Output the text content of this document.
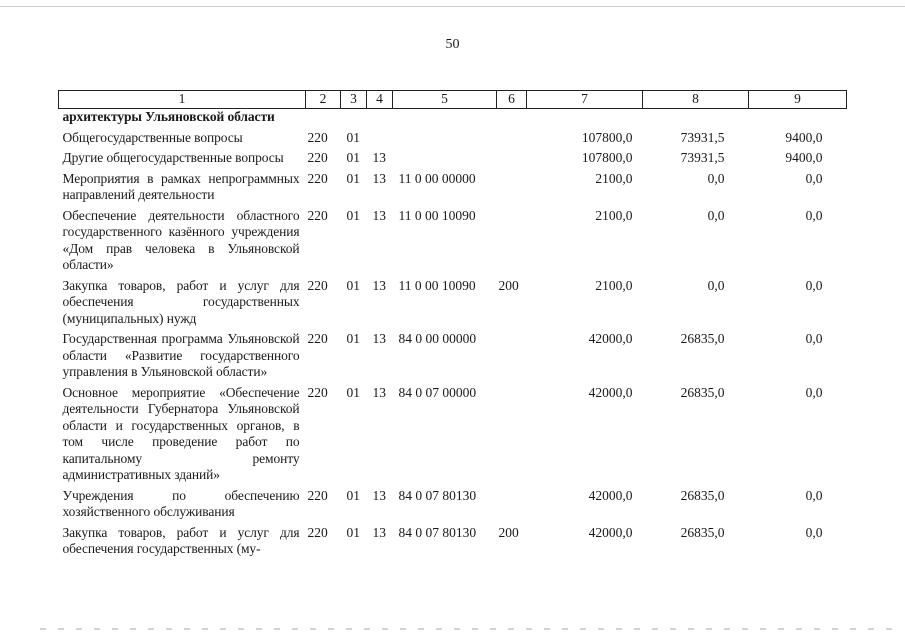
50
1	2	3	4	5	6	7	8	9
архитектуры Ульяновской области								
Общегосударственные вопросы	220	01				107800,0	73931,5	9400,0
Другие общегосударственные вопросы	220	01	13			107800,0	73931,5	9400,0
Мероприятия в рамках непрограммных направлений деятельности	220	01	13	11 0 00 00000		2100,0	0,0	0,0
Обеспечение деятельности областного государственного казённого учреждения «Дом прав человека в Ульяновской области»	220	01	13	11 0 00 10090		2100,0	0,0	0,0
Закупка товаров, работ и услуг для обеспечения государственных (муниципальных) нужд	220	01	13	11 0 00 10090	200	2100,0	0,0	0,0
Государственная программа Ульяновской области «Развитие государственного управления в Ульяновской области»	220	01	13	84 0 00 00000		42000,0	26835,0	0,0
Основное мероприятие «Обеспечение деятельности Губернатора Ульяновской области и государственных органов, в том числе проведение работ по капитальному ремонту административных зданий»	220	01	13	84 0 07 00000		42000,0	26835,0	0,0
Учреждения по обеспечению хозяйственного обслуживания	220	01	13	84 0 07 80130		42000,0	26835,0	0,0
Закупка товаров, работ и услуг для обеспечения государственных (му-	220	01	13	84 0 07 80130	200	42000,0	26835,0	0,0
